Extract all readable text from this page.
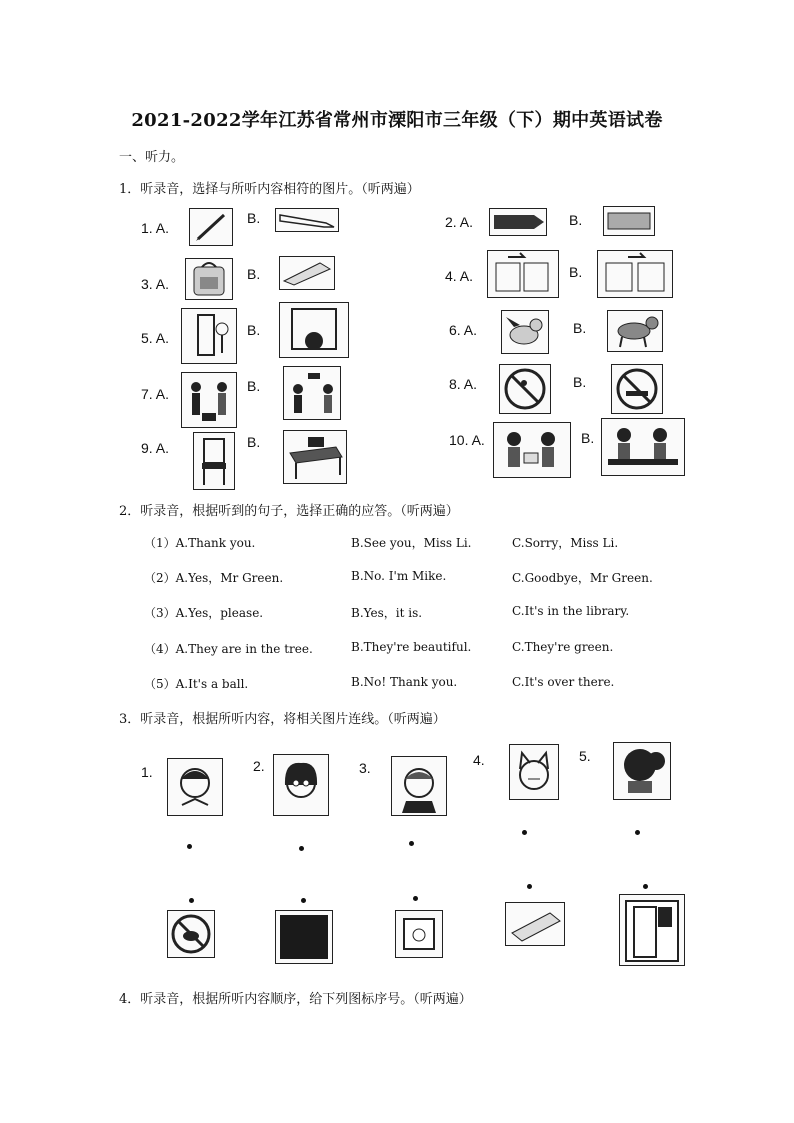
2021-2022学年江苏省常州市溧阳市三年级（下）期中英语试卷
一、听力。
1．听录音，选择与所听内容相符的图片。（听两遍）
1. A.
B.
3. A.
B.
5. A.	B.
7. A.	B.
9. A.	B.
2. A.	B.
4. A.	B.
6. A.	B.
8. A.	B.
10. A.	B.
2．听录音，根据听到的句子，选择正确的应答。（听两遍）
（1）A.Thank you.	B.See you，Miss Li.	C.Sorry，Miss Li.
（2）A.Yes，Mr Green.	B.No. I'm Mike.	C.Goodbye，Mr Green.
（3）A.Yes，please.	B.Yes，it is.	C.It's in the library.
（4）A.They are in the tree.	B.They're beautiful.	C.They're green.
（5）A.It's a ball.	B.No! Thank you.	C.It's over there.
3．听录音，根据所听内容，将相关图片连线。（听两遍）
1.	2.	3.	4.	5.
4．听录音，根据所听内容顺序，给下列图标序号。（听两遍）
